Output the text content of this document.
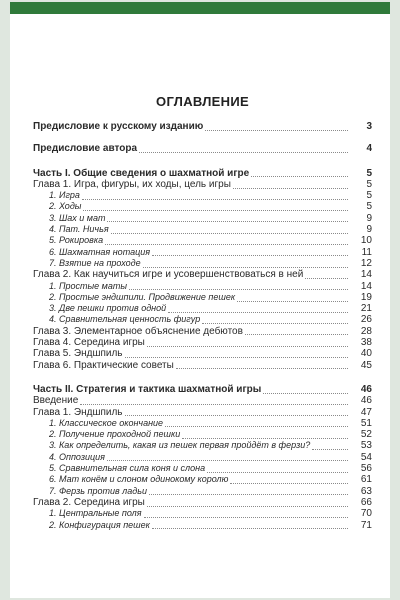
ОГЛАВЛЕНИЕ
Предисловие к русскому изданию	3
Предисловие автора	4
Часть I. Общие сведения о шахматной игре	5
Глава 1. Игра, фигуры, их ходы, цель игры	5
1. Игра	5
2. Ходы	5
3. Шах и мат	9
4. Пат. Ничья	9
5. Рокировка	10
6. Шахматная нотация	11
7. Взятие на проходе	12
Глава 2. Как научиться игре и усовершенствоваться в ней	14
1. Простые маты	14
2. Простые эндшпили. Продвижение пешек	19
3. Две пешки против одной	21
4. Сравнительная ценность фигур	26
Глава 3. Элементарное объяснение дебютов	28
Глава 4. Середина игры	38
Глава 5. Эндшпиль	40
Глава 6. Практические советы	45
Часть II. Стратегия и тактика шахматной игры	46
Введение	46
Глава 1. Эндшпиль	47
1. Классическое окончание	51
2. Получение проходной пешки	52
3. Как определить, какая из пешек первая пройдёт в ферзи?	53
4. Оппозиция	54
5. Сравнительная сила коня и слона	56
6. Мат конём и слоном одинокому королю	61
7. Ферзь против ладьи	63
Глава 2. Середина игры	66
1. Центральные поля	70
2. Конфигурация пешек	71
